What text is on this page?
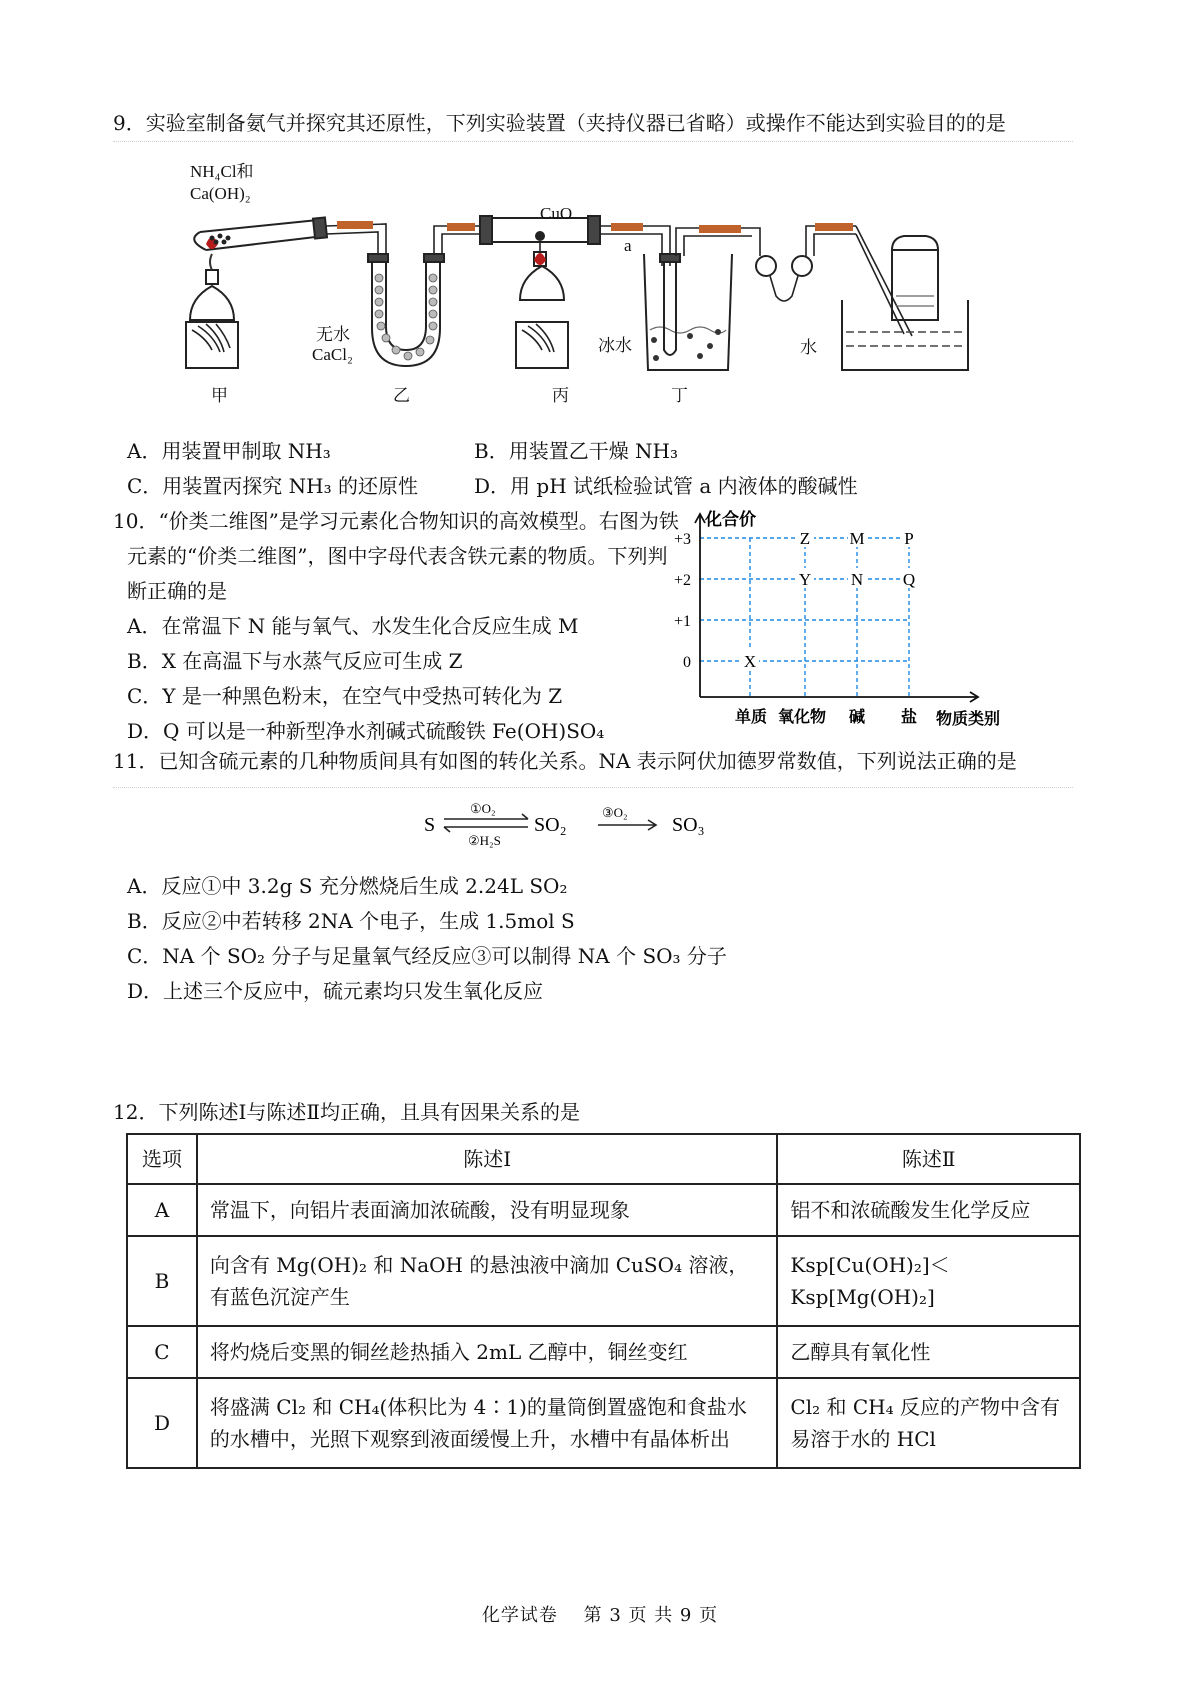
9．实验室制备氨气并探究其还原性，下列实验装置（夹持仪器已省略）或操作不能达到实验目的的是
NH₄Cl和
Ca(OH)₂
CuO
无水
CaCl₂
a
冰水	水
甲	乙	丙	丁
A．用装置甲制取 NH₃	B．用装置乙干燥 NH₃
C．用装置丙探究 NH₃ 的还原性	D．用 pH 试纸检验试管 a 内液体的酸碱性
10．“价类二维图”是学习元素化合物知识的高效模型。右图为铁
元素的“价类二维图”，图中字母代表含铁元素的物质。下列判
断正确的是
A．在常温下 N 能与氧气、水发生化合反应生成 M
B．X 在高温下与水蒸气反应可生成 Z
C．Y 是一种黑色粉末，在空气中受热可转化为 Z
D．Q 可以是一种新型净水剂碱式硫酸铁 Fe(OH)SO₄
化合价
+3
+2
+1
0
单质 氧化物 碱 盐 物质类别
X
Z
Y
M
N
P
Q
11．已知含硫元素的几种物质间具有如图的转化关系。NA 表示阿伏加德罗常数值，下列说法正确的是
S
①O₂
②H₂S
SO₂
③O₂
SO₃
A．反应①中 3.2g S 充分燃烧后生成 2.24L SO₂
B．反应②中若转移 2NA 个电子，生成 1.5mol S
C．NA 个 SO₂ 分子与足量氧气经反应③可以制得 NA 个 SO₃ 分子
D．上述三个反应中，硫元素均只发生氧化反应
12．下列陈述Ⅰ与陈述Ⅱ均正确，且具有因果关系的是
选项	陈述Ⅰ	陈述Ⅱ
A	常温下，向铝片表面滴加浓硫酸，没有明显现象	铝不和浓硫酸发生化学反应
B	向含有 Mg(OH)₂ 和 NaOH 的悬浊液中滴加 CuSO₄ 溶液，有蓝色沉淀产生	Ksp[Cu(OH)₂]＜Ksp[Mg(OH)₂]
C	将灼烧后变黑的铜丝趁热插入 2mL 乙醇中，铜丝变红	乙醇具有氧化性
D	将盛满 Cl₂ 和 CH₄(体积比为 4∶1)的量筒倒置盛饱和食盐水的水槽中，光照下观察到液面缓慢上升，水槽中有晶体析出	Cl₂ 和 CH₄ 反应的产物中含有易溶于水的 HCl
化学试卷　 第 3 页 共 9 页
